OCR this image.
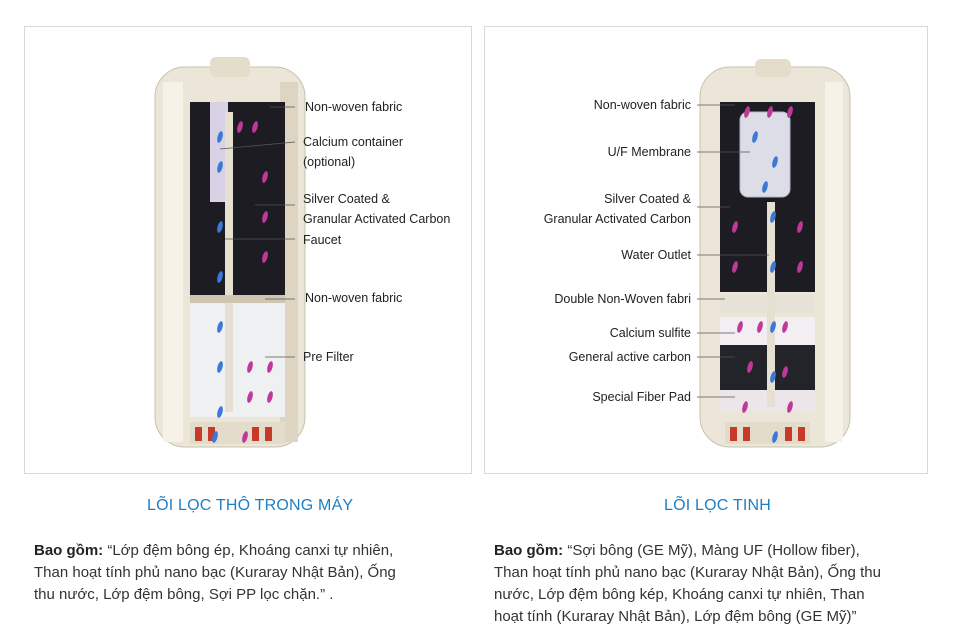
Non-woven fabric
Calcium container
(optional)
Silver Coated &
Granular Activated Carbon
Faucet
Non-woven fabric
Pre Filter
Non-woven fabric
U/F Membrane
Silver Coated &
Granular Activated Carbon
Water Outlet
Double Non-Woven fabri
Calcium sulfite
General active carbon
Special Fiber Pad
LÕI LỌC THÔ TRONG MÁY	LÕI LỌC TINH
Bao gồm: “Lớp đệm bông ép, Khoáng canxi tự nhiên,
Than hoạt tính phủ nano bạc (Kuraray Nhật Bản), Ống
thu nước, Lớp đệm bông, Sợi PP lọc chặn.” .
Bao gồm: “Sợi bông (GE Mỹ), Màng UF (Hollow fiber),
Than hoạt tính phủ nano bạc (Kuraray Nhật Bản), Ống thu
nước, Lớp đệm bông kép, Khoáng canxi tự nhiên, Than
hoạt tính (Kuraray Nhật Bản), Lớp đệm bông (GE Mỹ)”
